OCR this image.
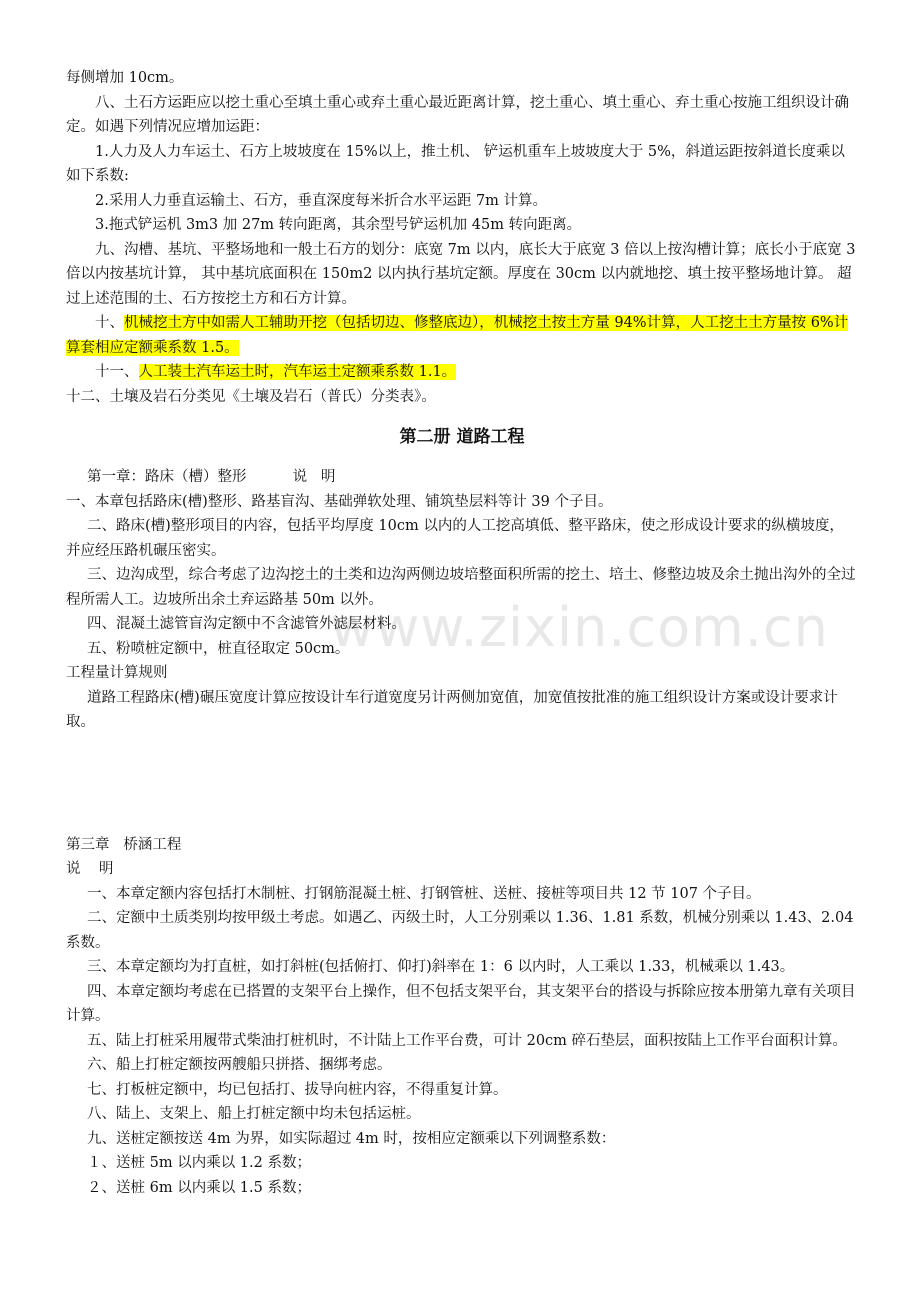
www.zixin.com.cn

每侧增加 10cm。

八、土石方运距应以挖土重心至填土重心或弃土重心最近距离计算，挖土重心、填土重心、弃土重心按施工组织设计确定。如遇下列情况应增加运距：

1.人力及人力车运土、石方上坡坡度在 15%以上，推土机、 铲运机重车上坡坡度大于 5%，斜道运距按斜道长度乘以如下系数:

2.采用人力垂直运输土、石方，垂直深度每米折合水平运距 7m 计算。

3.拖式铲运机 3m3 加 27m 转向距离，其余型号铲运机加 45m 转向距离。

九、沟槽、基坑、平整场地和一般土石方的划分：底宽 7m 以内，底长大于底宽 3 倍以上按沟槽计算；底长小于底宽 3 倍以内按基坑计算， 其中基坑底面积在 150m2 以内执行基坑定额。厚度在 30cm 以内就地挖、填土按平整场地计算。 超过上述范围的土、石方按挖土方和石方计算。

十、机械挖土方中如需人工辅助开挖（包括切边、修整底边），机械挖土按土方量 94%计算，人工挖土土方量按 6%计算套相应定额乘系数 1.5。

十一、人工装土汽车运土时，汽车运土定额乘系数 1.1。

十二、土壤及岩石分类见《土壤及岩石（普氏）分类表》。

第二册 道路工程

第一章：路床（槽）整形          说   明

一、本章包括路床(槽)整形、路基盲沟、基础弹软处理、铺筑垫层料等计 39 个子目。

二、路床(槽)整形项目的内容，包括平均厚度 10cm 以内的人工挖高填低、整平路床，使之形成设计要求的纵横坡度，并应经压路机碾压密实。

三、边沟成型，综合考虑了边沟挖土的土类和边沟两侧边坡培整面积所需的挖土、培土、修整边坡及余土抛出沟外的全过程所需人工。边坡所出余土弃运路基 50m 以外。

四、混凝土滤管盲沟定额中不含滤管外滤层材料。

五、粉喷桩定额中，桩直径取定 50cm。

工程量计算规则

道路工程路床(槽)碾压宽度计算应按设计车行道宽度另计两侧加宽值，加宽值按批准的施工组织设计方案或设计要求计取。

第三章   桥涵工程

说    明

一、本章定额内容包括打木制桩、打钢筋混凝土桩、打钢管桩、送桩、接桩等项目共 12 节 107 个子目。

二、定额中土质类别均按甲级土考虑。如遇乙、丙级土时，人工分别乘以 1.36、1.81 系数，机械分别乘以 1.43、2.04 系数。

三、本章定额均为打直桩，如打斜桩(包括俯打、仰打)斜率在 1：6 以内时，人工乘以 1.33，机械乘以 1.43。

四、本章定额均考虑在已搭置的支架平台上操作，但不包括支架平台，其支架平台的搭设与拆除应按本册第九章有关项目计算。

五、陆上打桩采用履带式柴油打桩机时，不计陆上工作平台费，可计 20cm 碎石垫层，面积按陆上工作平台面积计算。

六、船上打桩定额按两艘船只拼搭、捆绑考虑。

七、打板桩定额中，均已包括打、拔导向桩内容，不得重复计算。

八、陆上、支架上、船上打桩定额中均未包括运桩。

九、送桩定额按送 4m 为界，如实际超过 4m 时，按相应定额乘以下列调整系数：

１、送桩 5m 以内乘以 1.2 系数；

２、送桩 6m 以内乘以 1.5 系数；
